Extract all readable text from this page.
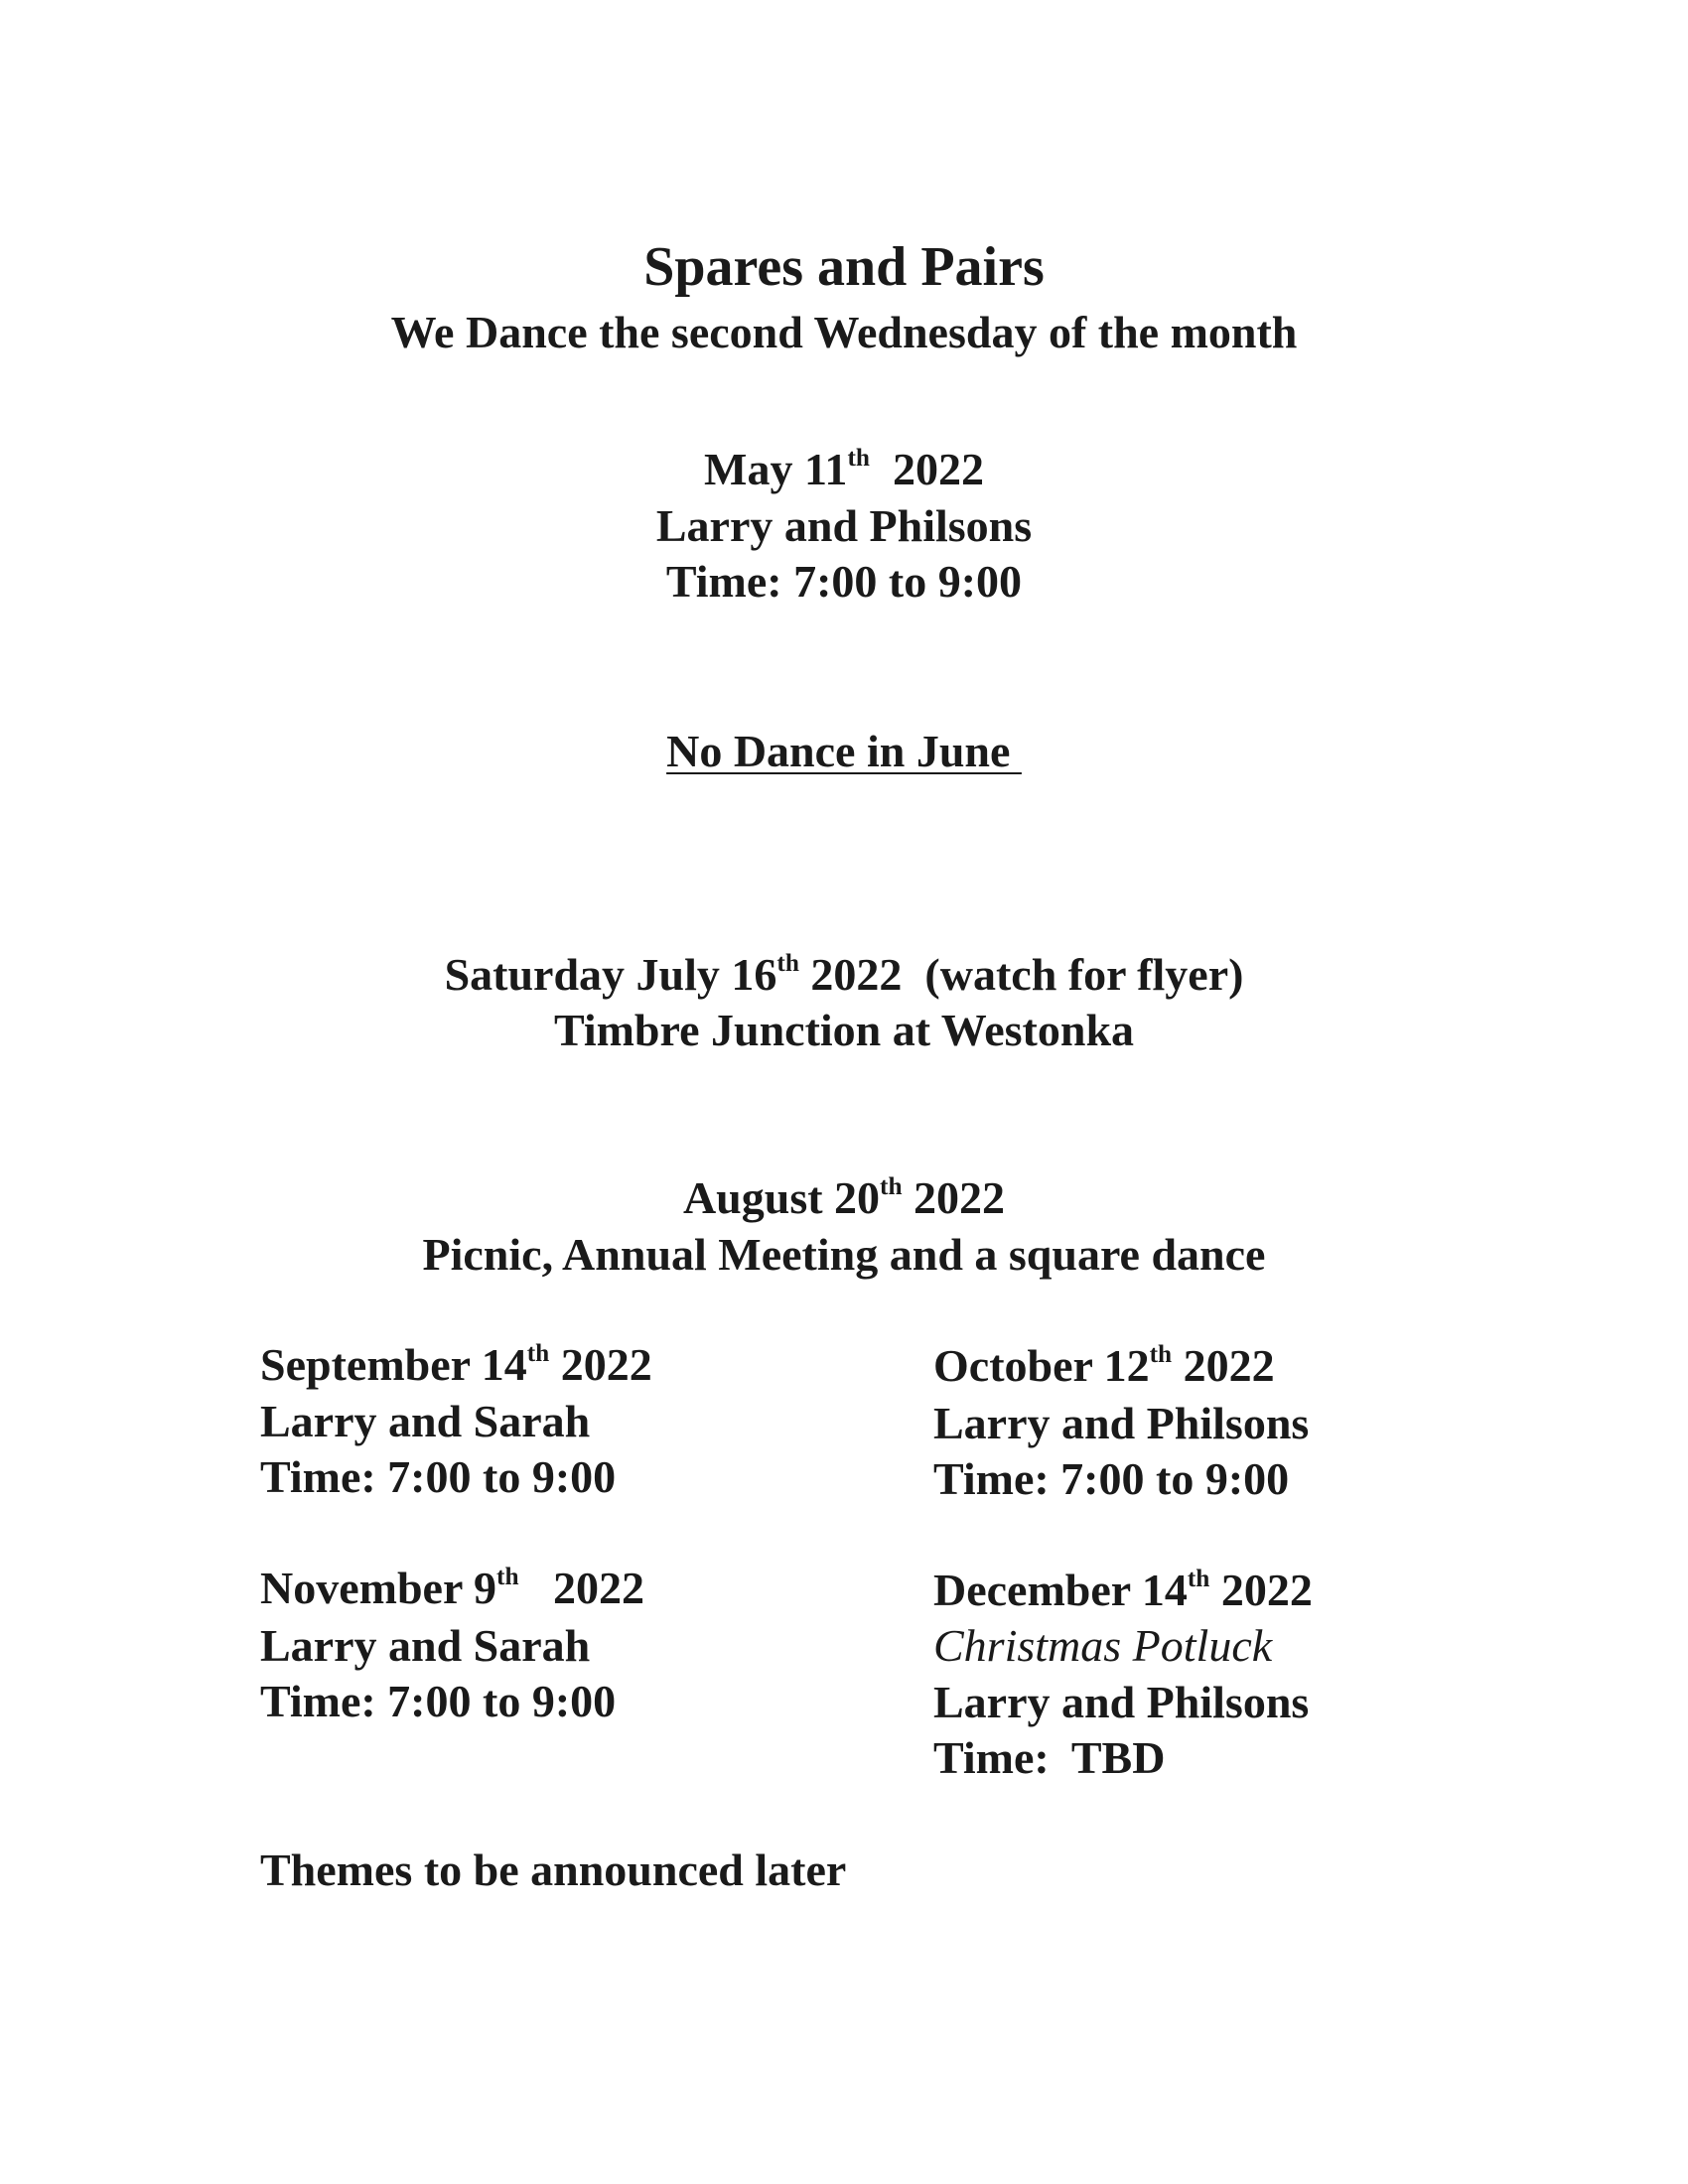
Spares and Pairs
We Dance the second Wednesday of the month
May 11th  2022
Larry and Philsons
Time: 7:00 to 9:00
No Dance in June
Saturday July 16th 2022  (watch for flyer)
Timbre Junction at Westonka
August 20th 2022
Picnic, Annual Meeting and a square dance
September 14th 2022
Larry and Sarah
Time: 7:00 to 9:00
October 12th 2022
Larry and Philsons
Time: 7:00 to 9:00
November 9th   2022
Larry and Sarah
Time: 7:00 to 9:00
December 14th 2022
Christmas Potluck
Larry and Philsons
Time:  TBD
Themes to be announced later
